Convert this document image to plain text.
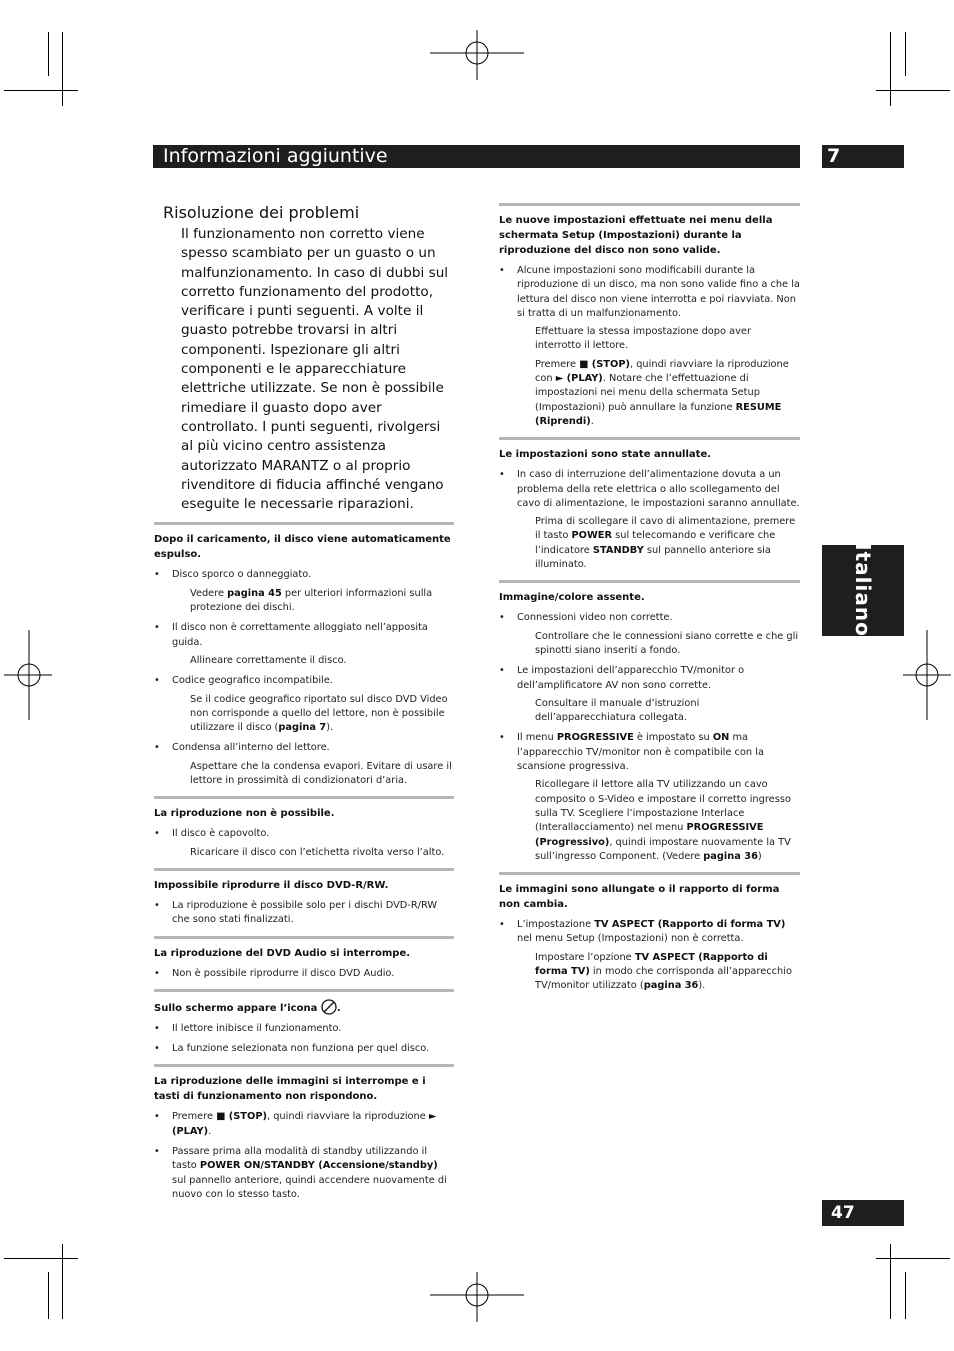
Informazioni aggiuntive	7
Italiano
47
Risoluzione dei problemi
Il funzionamento non corretto viene spesso scambiato per un guasto o un malfunzionamento. In caso di dubbi sul corretto funzionamento del prodotto, verificare i punti seguenti. A volte il guasto potrebbe trovarsi in altri componenti. Ispezionare gli altri componenti e le apparecchiature elettriche utilizzate. Se non è possibile rimediare il guasto dopo aver controllato. I punti seguenti, rivolgersi al più vicino centro assistenza autorizzato MARANTZ o al proprio rivenditore di fiducia affinché vengano eseguite le necessarie riparazioni.
Dopo il caricamento, il disco viene automaticamente espulso.
• Disco sporco o danneggiato.
Vedere pagina 45 per ulteriori informazioni sulla protezione dei dischi.
• Il disco non è correttamente alloggiato nell’apposita guida.
Allineare correttamente il disco.
• Codice geografico incompatibile.
Se il codice geografico riportato sul disco DVD Video non corrisponde a quello del lettore, non è possibile utilizzare il disco (pagina 7).
• Condensa all’interno del lettore.
Aspettare che la condensa evapori. Evitare di usare il lettore in prossimità di condizionatori d’aria.
La riproduzione non è possibile.
• Il disco è capovolto.
Ricaricare il disco con l’etichetta rivolta verso l’alto.
Impossibile riprodurre il disco DVD-R/RW.
• La riproduzione è possibile solo per i dischi DVD-R/RW che sono stati finalizzati.
La riproduzione del DVD Audio si interrompe.
• Non è possibile riprodurre il disco DVD Audio.
Sullo schermo appare l’icona .
• Il lettore inibisce il funzionamento.
• La funzione selezionata non funziona per quel disco.
La riproduzione delle immagini si interrompe e i tasti di funzionamento non rispondono.
• Premere ■ (STOP), quindi riavviare la riproduzione ► (PLAY).
• Passare prima alla modalità di standby utilizzando il tasto POWER ON/STANDBY (Accensione/standby) sul pannello anteriore, quindi accendere nuovamente di nuovo con lo stesso tasto.
Le nuove impostazioni effettuate nei menu della schermata Setup (Impostazioni) durante la riproduzione del disco non sono valide.
• Alcune impostazioni sono modificabili durante la riproduzione di un disco, ma non sono valide fino a che la lettura del disco non viene interrotta e poi riavviata. Non si tratta di un malfunzionamento.
Effettuare la stessa impostazione dopo aver interrotto il lettore.
Premere ■ (STOP), quindi riavviare la riproduzione con ► (PLAY). Notare che l’effettuazione di impostazioni nei menu della schermata Setup (Impostazioni) può annullare la funzione RESUME (Riprendi).
Le impostazioni sono state annullate.
• In caso di interruzione dell’alimentazione dovuta a un problema della rete elettrica o allo scollegamento del cavo di alimentazione, le impostazioni saranno annullate.
Prima di scollegare il cavo di alimentazione, premere il tasto POWER sul telecomando e verificare che l’indicatore STANDBY sul pannello anteriore sia illuminato.
Immagine/colore assente.
• Connessioni video non corrette.
Controllare che le connessioni siano corrette e che gli spinotti siano inseriti a fondo.
• Le impostazioni dell’apparecchio TV/monitor o dell’amplificatore AV non sono corrette.
Consultare il manuale d’istruzioni dell’apparecchiatura collegata.
• Il menu PROGRESSIVE è impostato su ON ma l’apparecchio TV/monitor non è compatibile con la scansione progressiva.
Ricollegare il lettore alla TV utilizzando un cavo composito o S-Video e impostare il corretto ingresso sulla TV. Scegliere l’impostazione Interlace (Interallacciamento) nel menu PROGRESSIVE (Progressivo), quindi impostare nuovamente la TV sull’ingresso Component. (Vedere pagina 36)
Le immagini sono allungate o il rapporto di forma non cambia.
• L’impostazione TV ASPECT (Rapporto di forma TV) nel menu Setup (Impostazioni) non è corretta.
Impostare l’opzione TV ASPECT (Rapporto di forma TV) in modo che corrisponda all’apparecchio TV/monitor utilizzato (pagina 36).
